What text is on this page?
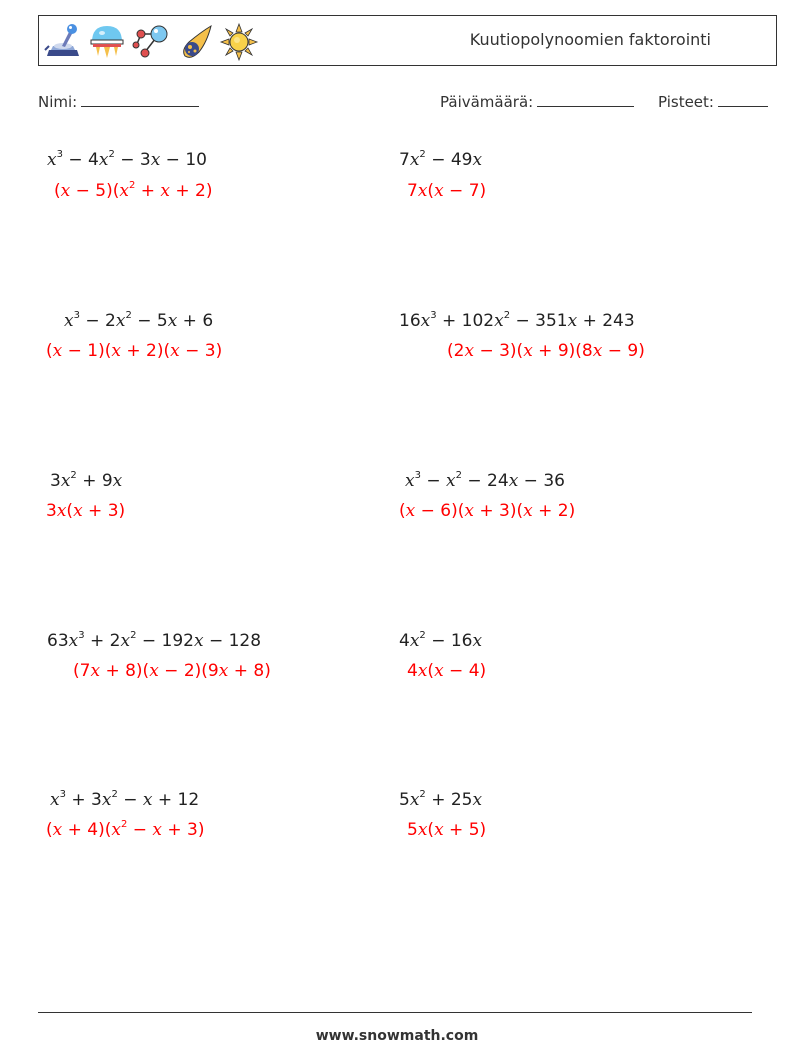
Kuutiopolynoomien faktorointi
Nimi:	Päivämäärä:	Pisteet:
$x^3 - 4x^2 - 3x - 10$
$(x - 5)(x^2 + x + 2)$
$7x^2 - 49x$
7x(x − 7)
$x^3 - 2x^2 - 5x + 6$
(x − 1)(x + 2)(x − 3)
$16x^3 + 102x^2 - 351x + 243$
(2x − 3)(x + 9)(8x − 9)
$3x^2 + 9x$
3x(x + 3)
$x^3 - x^2 - 24x - 36$
(x − 6)(x + 3)(x + 2)
$63x^3 + 2x^2 - 192x - 128$
(7x + 8)(x − 2)(9x + 8)
$4x^2 - 16x$
4x(x − 4)
$x^3 + 3x^2 - x + 12$
$(x + 4)(x^2 - x + 3)$
$5x^2 + 25x$
5x(x + 5)
www.snowmath.com
